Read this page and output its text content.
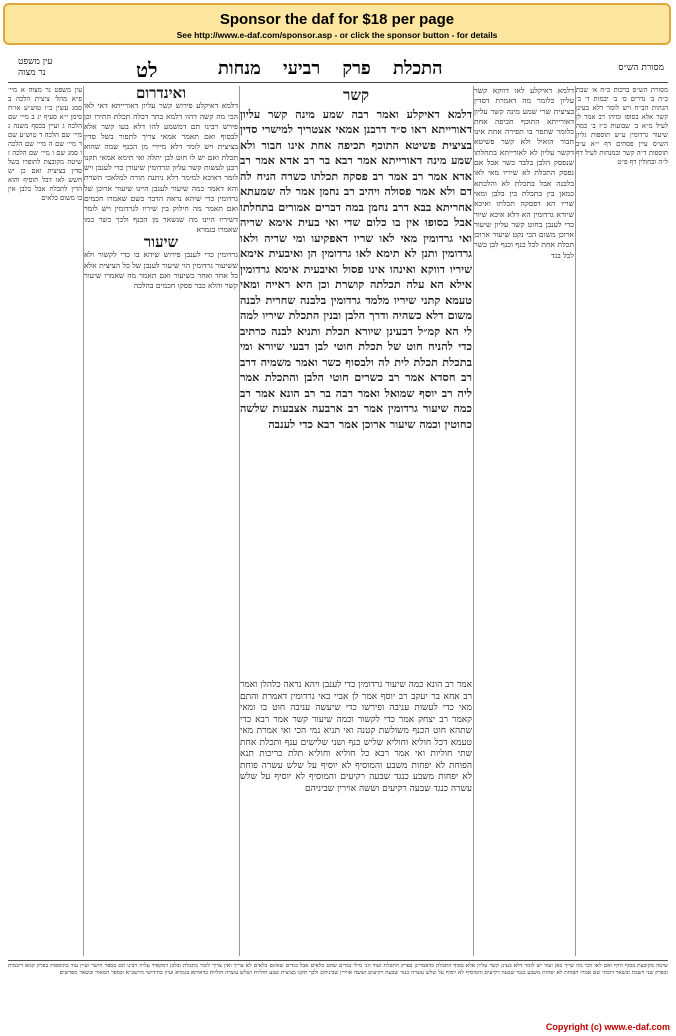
Sponsor the daf for $18 per page
See http://www.e-daf.com/sponsor.asp - or click the sponsor button - for details
עין משפט
נר מצוה	לט	התכלת פרק רביעי מנחות	מסורת הש״ס

מסורת הש״ס ברכות כ״ח א׳ שבת כ״ה ב׳ נדרים ס׳ ב׳ יבמות ד׳ ב׳ הגהות הב״ח ויש לומר דלא בעינן קשר אלא בסופו ומיהו רב אמר לן לעיל מ״א ב׳ שבועות כ״ז ב׳ כמה שיעור גרדומין ע״ש תוספות גליון הש״ס עיין פסחים דף י״א ע״ב תוספות ד״ה קשר ובמנחות לעיל דף ל״ה ובחולין דף פ״ט

דלמא דאיקלע לאו דווקא קשר עליון כלומר מה דאמרת דסדין בציצית שרי שמע מינה קשר עליון דאורייתא התוכף תכיפה אחת כלומר שתפר בו תפירה אחת אינו חבור הואיל ולא קשר פשיטא דקשר עליון לא לאורייתא בתחלתו שנפסק הלבן בלבד כשר אבל אם נפסק התכלת לא שיריו מאי לאו בלבנה אבל בתכלת לא והלכתא כמאן בין בתכלת בין בלבן ומאי שריו הא דפסקה תכלתו ואיכא שיורא גרדומין הא דלא איכא שיור כדי לענבן בחוט קשר עליון שיעור ארוכן משום הכי נקט שיעור ארוכן תכלת אחת לכל כנף וכנף לבן כשר לכל בגד

קשר

דלמא דאיקלע ואמר רבה שמע מינה קשר עליון דאורייתא ראו ס״ד דרבנן אמאי אצטריך למישרי סדין בציצית פשיטא התוכף תכיפה אחת אינו חבור ולא שמע מינה דאורייתא אמר רבא בר רב אדא אמר רב אדא אמר רב אמר רב פסקה תכלתו כשרה הניח לה דם ולא אמר פסולה ויהיב רב נחמן אמר לה שמעתא אחריתא בבא דרב נחמן במה דברים אמורים בתחלתו אבל בסופו אין בו כלום שדי ואי בעית אימא שריה ואי גרדומין מאי לאו שריו דאפקיעו ומי שריה ולאו גרדומין ותנן לא תימא לאו גרדומין הן ואיבעית אימא שיריו דווקא ואינהו אינו פסול ואיבעית אימא גרדומין אילא הא עלה תכלתה קושרת וכן היא ראייה ומאי טעמא קתני שיריו מלמד גרדומין בלבנה שחרית לבנה משום דלא כשהיה ודרך הלבן ובנין התכלת שיריו למה לי הא קמ״ל דבעינן שיורא תכלת ותניא לבנה כרתיב כדי להניח חוט של תכלת חוטי לבן דבעי שיורא ומי בתכלת תכלת לית לה ולבסוף כשר ואמר משמיה דרב רב חסדא אמר רב כשרים חוטי הלבן והתכלת אמר ליה רב יוסף שמואל ואמר רבה בר רב הונא אמר רב כמה שיעור גרדומין אמר רב ארבעה אצבעות שלשה כחוטין וכמה שיעור ארוכן אמר רבא כדי לענבה

אמר רב הונא כמה שיעור גרדומין כדי לענבן ויהא נראה כלהלן ואמר רב אחא בר יעקב רב יוסף אמר לן אביי כאי גרדומין דאמרת והתם מאי כדי לעשות עניבה ופירשו כדי שיעשה עניבה חוט בו ומאי קאמר רב יצחק אמר כדי לקשור וכמה שיעור קשר אמר רבא כדי שתהא חוט הכנף משולשת קטנה ואי תניא נמי הכי ואי אמרת מאי טעמא דכל חוליא וחוליא שליש כנף ושני שלישים ענף ותכלת אחת שתי חוליות ואי אמר רבא כל חוליא וחוליא תלת כריכות תנא הפוחת לא יפחות משבע והמוסיף לא יוסיף על שלש עשרה פוחת לא יפחות משבע כנגד שבעה רקיעים והמוסיף לא יוסיף על שלש עשרה כנגד שבעה רקיעים וששה אוירין שביניהם

ואינדרום

דלמא דאיקלע פירוש קשר עליון דאורייתא דאי לאו הכי מה קשה דהוו דלמא בתר דכלה תכלת התירו וכן פירש רבינו תם דמשמע להו דלא בעו קשר אלא לבסוף ואם תאמר אמאי צריך לתפור בשל סדין בציצית ויש לומר דלא מיירי מן הכנף שמה שהוא תכלת ואם יש לו חוט לבן יתלה ואי תימא אמאי תקנו רבנן לעשות קשר עליון וגרדומין שיעורן כדי לענבן ויש לומר דאיכא למימר דלא ניתנה תורה למלאכי השרת והא דאמר כמה שיעור לענבן היינו שיעור ארוכן של גרדומין כדי שיהא נראה הדבר כשם שאמרו חכמים ואם תאמר מה חילוק בין שיריו לגרדומין ויש לומר דשיריו היינו מה שנשאר מן הכנף ולכך כשר כמו שאמרו בגמרא

שיעור

גרדומין כדי לענבן פירוש שיהא בו כדי לקשור ולא ששיעור גרדומין הוי שיעור לענבן של כל הציצית אלא כל אחד ואחד כשיעור ואם תאמר מה שאמרו שיעור קשר והלא כבר פסקו חכמים בהלכה

עין משפט נר מצוה א מיי׳ פ״א מהל׳ ציצית הלכה ב סמג עשין כ״ו טוש״ע או״ח סימן י״א סעיף יג ב מיי׳ שם הלכה ג ועיין בכסף משנה ג מיי׳ שם הלכה ד טוש״ע שם ד מיי׳ שם ה מיי׳ שם הלכה ו סמג שם ו מיי׳ שם הלכה ז שיטה מקובצת לתופרו בשל סדין בציצית ואם כן יש חשש לאו דבל תוסיף והוא הדין לתכלת אבל בלבן אין בו משום כלאים

שיטה מקובצת בסוף הדף ואם לאו הכי מה שייך כאן ועוד יש לומר דלא בעינן קשר עליון אלא בסוף התכלת כדאמרינן בפרק התכלת ועוד הני מילי בגדים שהם כלאים אבל בגדים שאינם כלאים לא צריך ואין צריך לומר בתכלת ובלבן דמקפיד עליה רבינו תם בספר הישר ועיין עוד בתוספות בפרק קמא דיבמות ובפרק שני דשבת ובשאר דוכתי שם אמרו הפוחת לא יפחות משבע כנגד שבעה רקיעים והמוסיף לא יוסיף על שלש עשרה כנגד שבעה רקיעים וששה אוירין שביניהם ולכך תקנו בציצית שבע חוליות ושלש עשרה חוליות כדאיתא בגמרא ועיין בחידושי הרשב״א ובספר המאור ובשאר מפרשים

Copyright (c) www.e-daf.com
